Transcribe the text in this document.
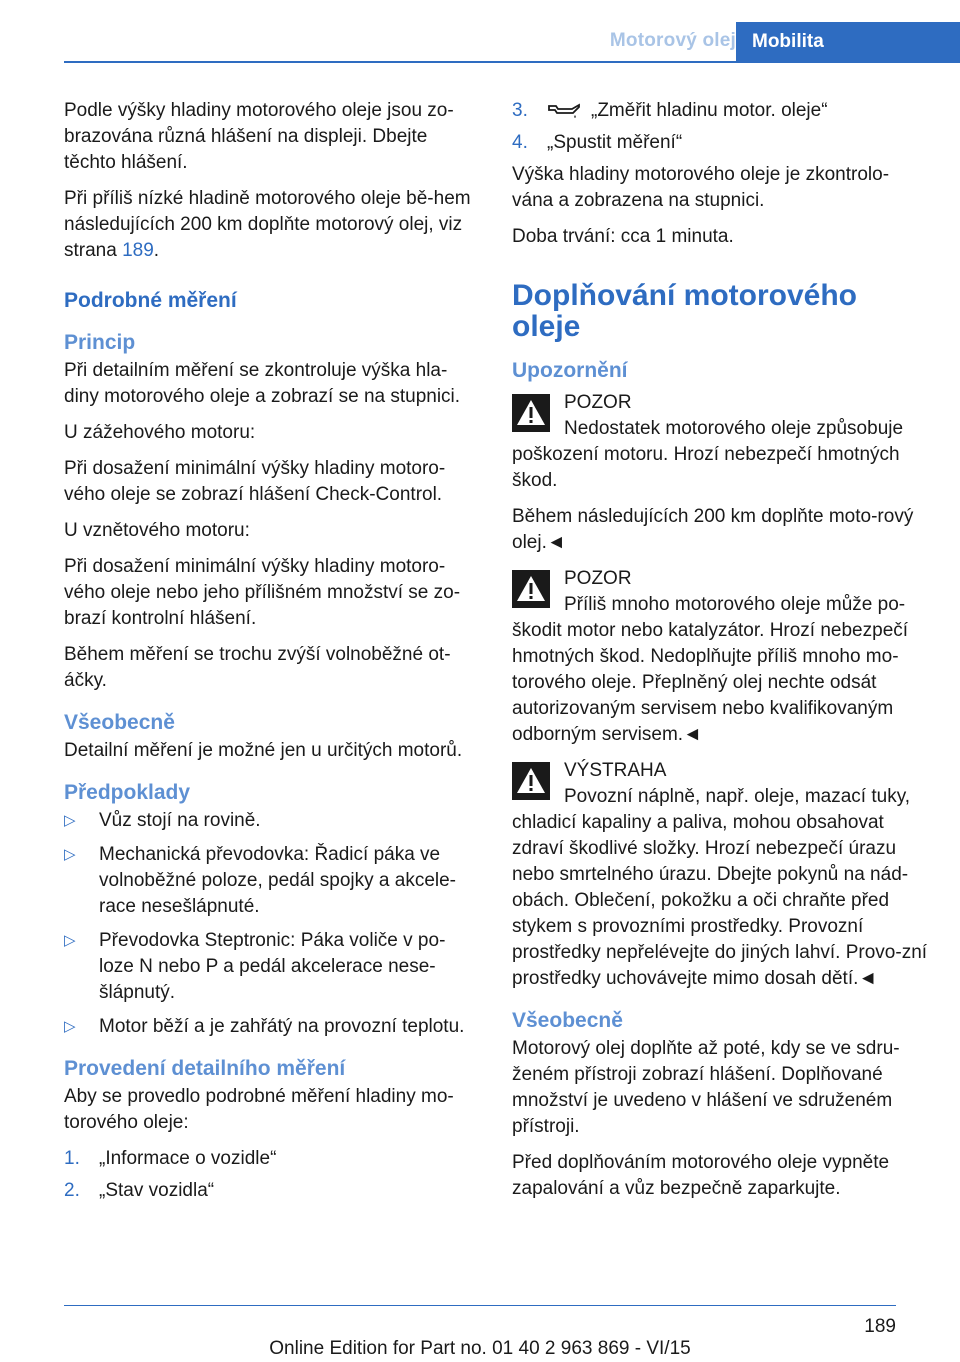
Motorový olej Mobilita

Podle výšky hladiny motorového oleje jsou zo-brazována různá hlášení na displeji. Dbejte těchto hlášení.

Při příliš nízké hladině motorového oleje bě-hem následujících 200 km doplňte motorový olej, viz strana 189.

Podrobné měření
Princip

Při detailním měření se zkontroluje výška hla-diny motorového oleje a zobrazí se na stupnici.

U zážehového motoru:

Při dosažení minimální výšky hladiny motoro-vého oleje se zobrazí hlášení Check-Control.

U vznětového motoru:

Při dosažení minimální výšky hladiny motoro-vého oleje nebo jeho přílišném množství se zo-brazí kontrolní hlášení.

Během měření se trochu zvýší volnoběžné ot-áčky.

Všeobecně

Detailní měření je možné jen u určitých motorů.

Předpoklady
▷ Vůz stojí na rovině.
▷ Mechanická převodovka: Řadicí páka ve volnoběžné poloze, pedál spojky a akcele-race nesešlápnuté.
▷ Převodovka Steptronic: Páka voliče v po-loze N nebo P a pedál akcelerace nese-šlápnutý.
▷ Motor běží a je zahřátý na provozní teplotu.
Provedení detailního měření

Aby se provedlo podrobné měření hladiny mo-torového oleje:

1. „Informace o vozidle“
2. „Stav vozidla“
3.	„Změřit hladinu motor. oleje“
4. „Spustit měření“

Výška hladiny motorového oleje je zkontrolo-vána a zobrazena na stupnici.

Doba trvání: cca 1 minuta.

Doplňování motorového oleje
Upozornění

POZOR

Nedostatek motorového oleje způsobuje

poškození motoru. Hrozí nebezpečí hmotných škod.

Během následujících 200 km doplňte moto-rový olej.◄

POZOR

Příliš mnoho motorového oleje může po-

škodit motor nebo katalyzátor. Hrozí nebezpečí hmotných škod. Nedoplňujte příliš mnoho mo-torového oleje. Přeplněný olej nechte odsát autorizovaným servisem nebo kvalifikovaným odborným servisem.◄

VÝSTRAHA

Povozní náplně, např. oleje, mazací tuky,

chladicí kapaliny a paliva, mohou obsahovat zdraví škodlivé složky. Hrozí nebezpečí úrazu nebo smrtelného úrazu. Dbejte pokynů na nád-obách. Oblečení, pokožku a oči chraňte před stykem s provozními prostředky. Provozní prostředky nepřelévejte do jiných lahví. Provo-zní prostředky uchovávejte mimo dosah dětí.◄

Všeobecně

Motorový olej doplňte až poté, kdy se ve sdru-ženém přístroji zobrazí hlášení. Doplňované množství je uvedeno v hlášení ve sdruženém přístroji.

Před doplňováním motorového oleje vypněte zapalování a vůz bezpečně zaparkujte.

189
Online Edition for Part no. 01 40 2 963 869 - VI/15
